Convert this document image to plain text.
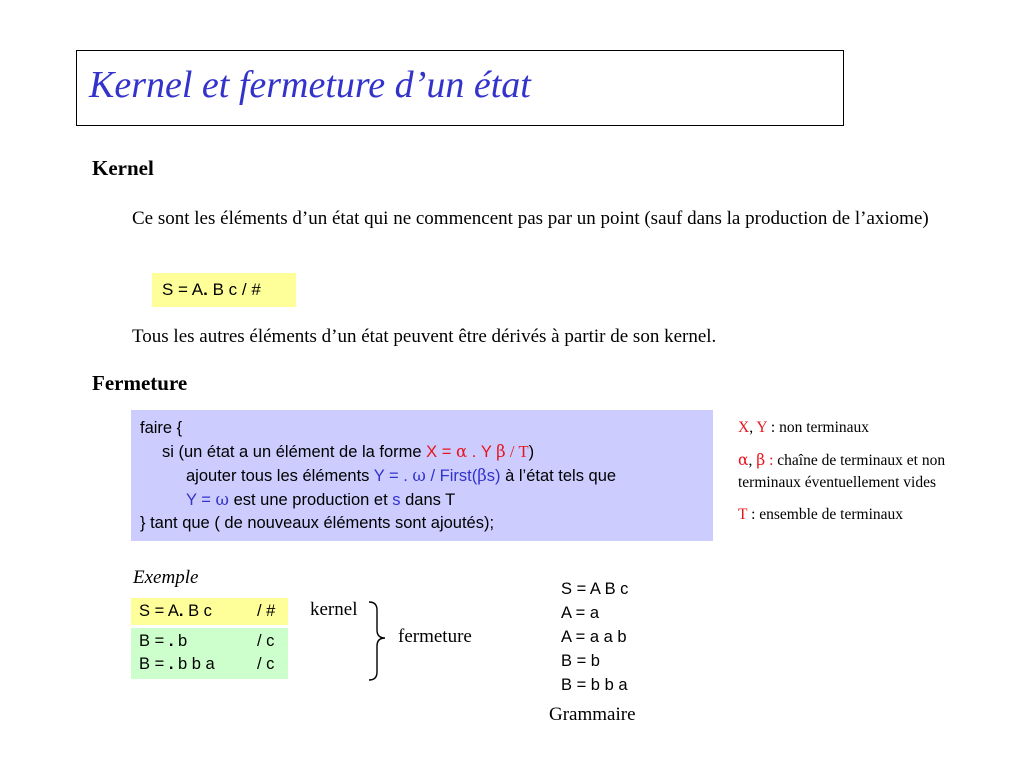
Kernel et fermeture d’un état
Kernel
Ce sont les éléments d’un état qui ne commencent pas par un point (sauf dans la production de l’axiome)
S = A. B c / #
Tous les autres éléments d’un état peuvent être dérivés à partir de son kernel.
Fermeture
faire {
si (un état a un élément de la forme X = α . Y β / T)
ajouter tous les éléments Y = . ω / First(βs) à l’état tels que
Y = ω est une production et s dans T
} tant que ( de nouveaux éléments sont ajoutés);
X, Y : non terminaux
α, β : chaîne de terminaux et non terminaux éventuellement vides
T : ensemble de terminaux
Exemple
S = A. B c	/ #
B = . b	/ c
B = . b b a	/ c
kernel
fermeture
S = A B c
A = a
A = a a b
B = b
B = b b a
Grammaire
